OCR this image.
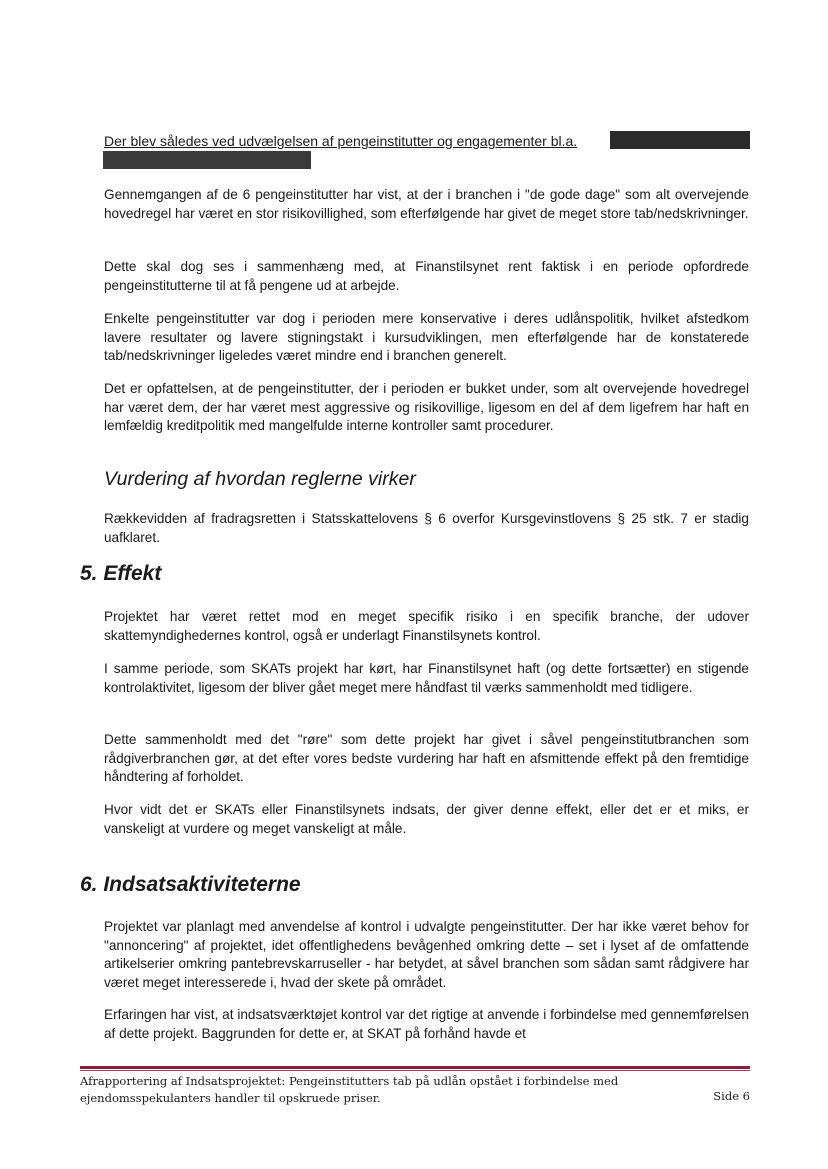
Der blev således ved udvælgelsen af pengeinstitutter og engagementer bl.a.

Gennemgangen af de 6 pengeinstitutter har vist, at der i branchen i "de gode dage" som alt overvejende hovedregel har været en stor risikovillighed, som efterfølgende har givet de meget store tab/nedskrivninger.

Dette skal dog ses i sammenhæng med, at Finanstilsynet rent faktisk i en periode opfordrede pengeinstitutterne til at få pengene ud at arbejde.

Enkelte pengeinstitutter var dog i perioden mere konservative i deres udlånspolitik, hvilket afstedkom lavere resultater og lavere stigningstakt i kursudviklingen, men efterfølgende har de konstaterede tab/nedskrivninger ligeledes været mindre end i branchen generelt.

Det er opfattelsen, at de pengeinstitutter, der i perioden er bukket under, som alt overvejende hovedregel har været dem, der har været mest aggressive og risikovillige, ligesom en del af dem ligefrem har haft en lemfældig kreditpolitik med mangelfulde interne kontroller samt procedurer.

Vurdering af hvordan reglerne virker

Rækkevidden af fradragsretten i Statsskattelovens § 6 overfor Kursgevinstlovens § 25 stk. 7 er stadig uafklaret.

5. Effekt

Projektet har været rettet mod en meget specifik risiko i en specifik branche, der udover skattemyndighedernes kontrol, også er underlagt Finanstilsynets kontrol.

I samme periode, som SKATs projekt har kørt, har Finanstilsynet haft (og dette fortsætter) en stigende kontrolaktivitet, ligesom der bliver gået meget mere håndfast til værks sammenholdt med tidligere.

Dette sammenholdt med det "røre" som dette projekt har givet i såvel pengeinstitutbranchen som rådgiverbranchen gør, at det efter vores bedste vurdering har haft en afsmittende effekt på den fremtidige håndtering af forholdet.

Hvor vidt det er SKATs eller Finanstilsynets indsats, der giver denne effekt, eller det er et miks, er vanskeligt at vurdere og meget vanskeligt at måle.

6. Indsatsaktiviteterne

Projektet var planlagt med anvendelse af kontrol i udvalgte pengeinstitutter. Der har ikke været behov for "annoncering" af projektet, idet offentlighedens bevågenhed omkring dette – set i lyset af de omfattende artikelserier omkring pantebrevskarruseller - har betydet, at såvel branchen som sådan samt rådgivere har været meget interesserede i, hvad der skete på området.

Erfaringen har vist, at indsatsværktøjet kontrol var det rigtige at anvende i forbindelse med gennemførelsen af dette projekt. Baggrunden for dette er, at SKAT på forhånd havde et

Afrapportering af Indsatsprojektet: Pengeinstitutters tab på udlån opstået i forbindelse med
ejendomsspekulanters handler til opskruede priser.	Side 6
